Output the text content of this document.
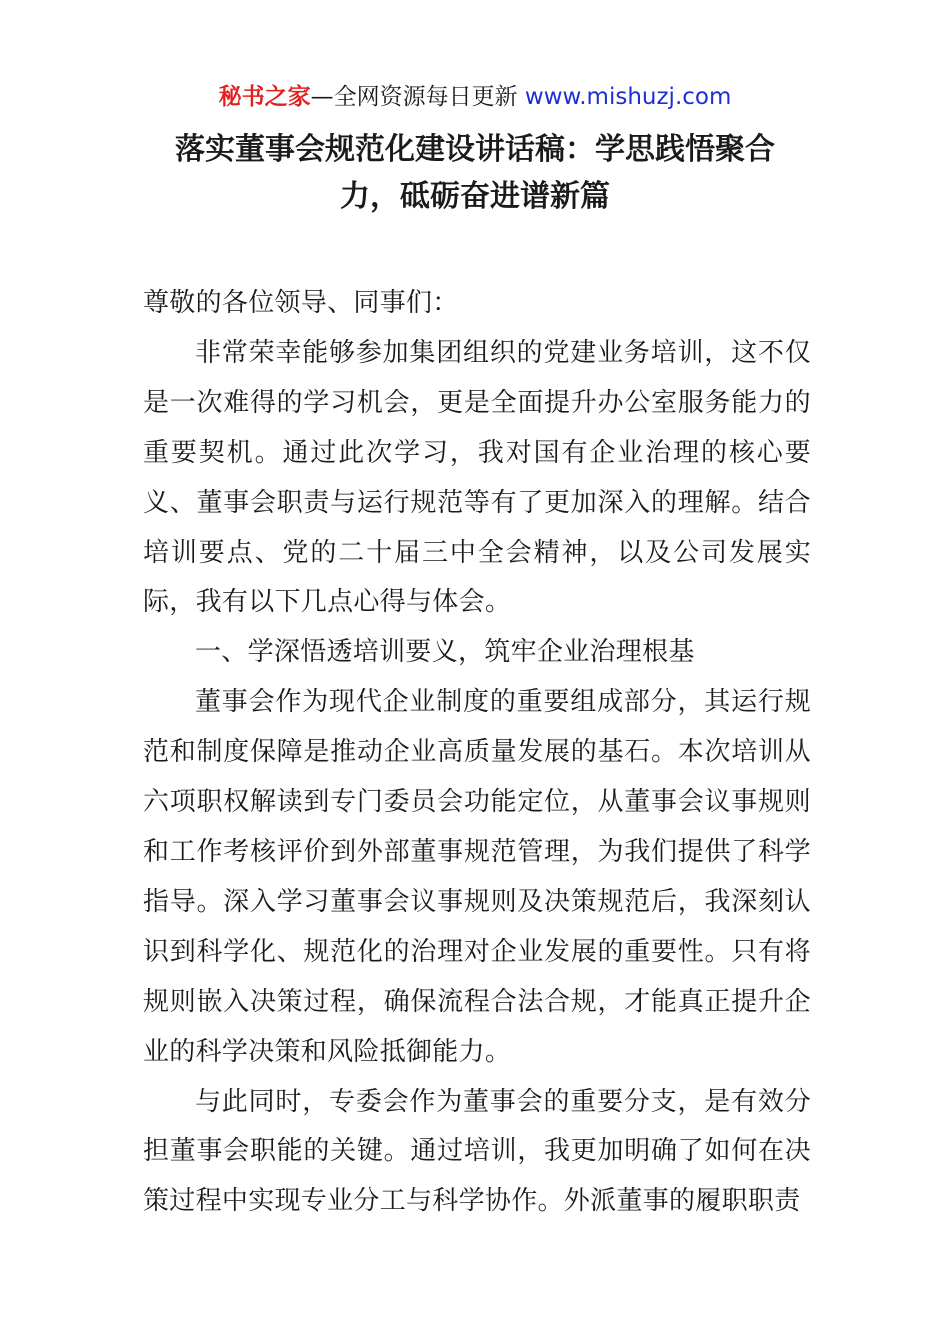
秘书之家—全网资源每日更新 www.mishuzj.com
落实董事会规范化建设讲话稿：学思践悟聚合力，砥砺奋进谱新篇

尊敬的各位领导、同事们：

非常荣幸能够参加集团组织的党建业务培训，这不仅是一次难得的学习机会，更是全面提升办公室服务能力的重要契机。通过此次学习，我对国有企业治理的核心要义、董事会职责与运行规范等有了更加深入的理解。结合培训要点、党的二十届三中全会精神，以及公司发展实际，我有以下几点心得与体会。

一、学深悟透培训要义，筑牢企业治理根基

董事会作为现代企业制度的重要组成部分，其运行规范和制度保障是推动企业高质量发展的基石。本次培训从六项职权解读到专门委员会功能定位，从董事会议事规则和工作考核评价到外部董事规范管理，为我们提供了科学指导。深入学习董事会议事规则及决策规范后，我深刻认识到科学化、规范化的治理对企业发展的重要性。只有将规则嵌入决策过程，确保流程合法合规，才能真正提升企业的科学决策和风险抵御能力。

与此同时，专委会作为董事会的重要分支，是有效分担董事会职能的关键。通过培训，我更加明确了如何在决策过程中实现专业分工与科学协作。外派董事的履职职责
